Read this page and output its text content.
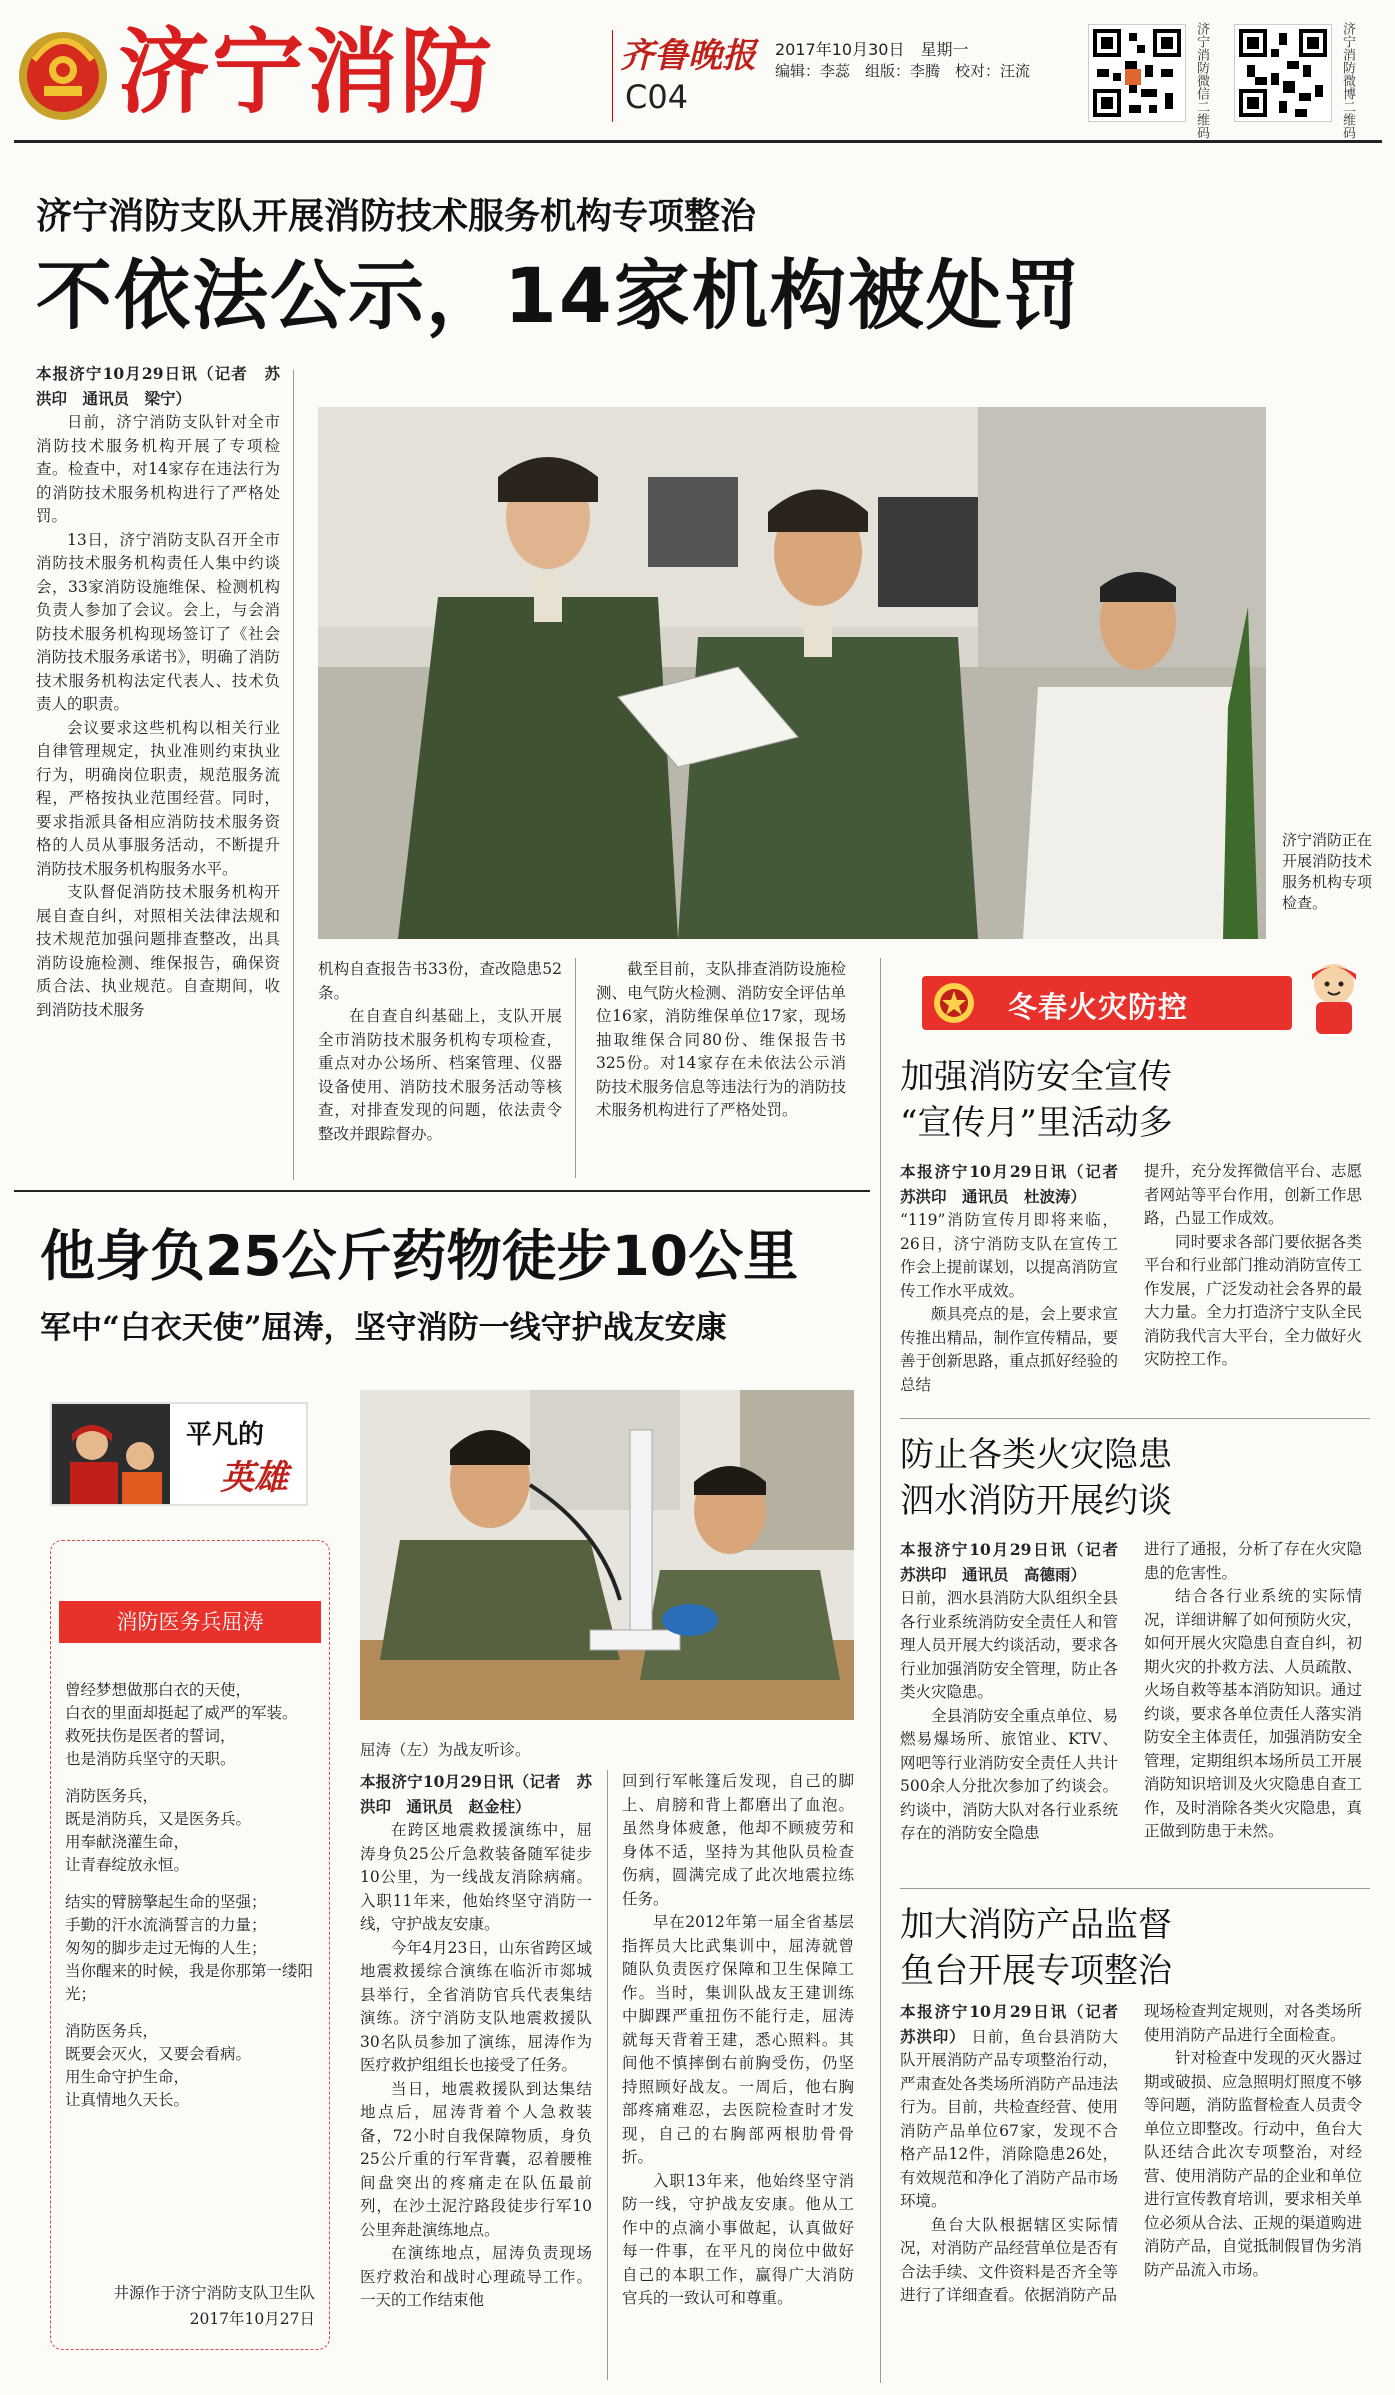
济宁消防	齐鲁晚报
C04
2017年10月30日　 星期一
编辑：李蕊　组版：李腾　校对：汪流	济宁消防微信二维码	济宁消防微博二维码
济宁消防支队开展消防技术服务机构专项整治
不依法公示，14家机构被处罚

本报济宁10月29日讯（记者　苏洪印　通讯员　梁宁）

日前，济宁消防支队针对全市消防技术服务机构开展了专项检查。检查中，对14家存在违法行为的消防技术服务机构进行了严格处罚。

13日，济宁消防支队召开全市消防技术服务机构责任人集中约谈会，33家消防设施维保、检测机构负责人参加了会议。会上，与会消防技术服务机构现场签订了《社会消防技术服务承诺书》，明确了消防技术服务机构法定代表人、技术负责人的职责。

会议要求这些机构以相关行业自律管理规定，执业准则约束执业行为，明确岗位职责，规范服务流程，严格按执业范围经营。同时，要求指派具备相应消防技术服务资格的人员从事服务活动，不断提升消防技术服务机构服务水平。

支队督促消防技术服务机构开展自查自纠，对照相关法律法规和技术规范加强问题排查整改，出具消防设施检测、维保报告，确保资质合法、执业规范。自查期间，收到消防技术服务

济宁消防正在开展消防技术服务机构专项检查。

机构自查报告书33份，查改隐患52条。

在自查自纠基础上，支队开展全市消防技术服务机构专项检查，重点对办公场所、档案管理、仪器设备使用、消防技术服务活动等核查，对排查发现的问题，依法责令整改并跟踪督办。

截至目前，支队排查消防设施检测、电气防火检测、消防安全评估单位16家，消防维保单位17家，现场抽取维保合同80份、维保报告书325份。对14家存在未依法公示消防技术服务信息等违法行为的消防技术服务机构进行了严格处罚。

冬春火灾防控
加强消防安全宣传
“宣传月”里活动多

本报济宁10月29日讯（记者　苏洪印　通讯员　杜波涛）

“119”消防宣传月即将来临，26日，济宁消防支队在宣传工作会上提前谋划，以提高消防宣传工作水平成效。

颇具亮点的是，会上要求宣传推出精品，制作宣传精品，要善于创新思路，重点抓好经验的总结

提升，充分发挥微信平台、志愿者网站等平台作用，创新工作思路，凸显工作成效。

同时要求各部门要依据各类平台和行业部门推动消防宣传工作发展，广泛发动社会各界的最大力量。全力打造济宁支队全民消防我代言大平台，全力做好火灾防控工作。

防止各类火灾隐患
泗水消防开展约谈

本报济宁10月29日讯（记者　苏洪印　通讯员　高德雨）

日前，泗水县消防大队组织全县各行业系统消防安全责任人和管理人员开展大约谈活动，要求各行业加强消防安全管理，防止各类火灾隐患。

全县消防安全重点单位、易燃易爆场所、旅馆业、KTV、网吧等行业消防安全责任人共计500余人分批次参加了约谈会。约谈中，消防大队对各行业系统存在的消防安全隐患

进行了通报，分析了存在火灾隐患的危害性。

结合各行业系统的实际情况，详细讲解了如何预防火灾，如何开展火灾隐患自查自纠，初期火灾的扑救方法、人员疏散、火场自救等基本消防知识。通过约谈，要求各单位责任人落实消防安全主体责任，加强消防安全管理，定期组织本场所员工开展消防知识培训及火灾隐患自查工作，及时消除各类火灾隐患，真正做到防患于未然。

加大消防产品监督
鱼台开展专项整治

本报济宁10月29日讯（记者　苏洪印） 日前，鱼台县消防大队开展消防产品专项整治行动，严肃查处各类场所消防产品违法行为。目前，共检查经营、使用消防产品单位67家，发现不合格产品12件，消除隐患26处，有效规范和净化了消防产品市场环境。

鱼台大队根据辖区实际情况，对消防产品经营单位是否有合法手续、文件资料是否齐全等进行了详细查看。依据消防产品

现场检查判定规则，对各类场所使用消防产品进行全面检查。

针对检查中发现的灭火器过期或破损、应急照明灯照度不够等问题，消防监督检查人员责令单位立即整改。行动中，鱼台大队还结合此次专项整治，对经营、使用消防产品的企业和单位进行宣传教育培训，要求相关单位必须从合法、正规的渠道购进消防产品，自觉抵制假冒伪劣消防产品流入市场。

他身负25公斤药物徒步10公里
军中“白衣天使”屈涛，坚守消防一线守护战友安康
平凡的
英雄
消防医务兵屈涛

曾经梦想做那白衣的天使，

白衣的里面却挺起了威严的军装。

救死扶伤是医者的誓词，

也是消防兵坚守的天职。

消防医务兵，

既是消防兵，又是医务兵。

用奉献浇灌生命，

让青春绽放永恒。

结实的臂膀擎起生命的坚强；

手勤的汗水流淌誓言的力量；

匆匆的脚步走过无悔的人生；

当你醒来的时候，我是你那第一缕阳光；

消防医务兵，

既要会灭火，又要会看病。

用生命守护生命，

让真情地久天长。

井源作于济宁消防支队卫生队
2017年10月27日
屈涛（左）为战友听诊。

本报济宁10月29日讯（记者　苏洪印　通讯员　赵金柱）

在跨区地震救援演练中，屈涛身负25公斤急救装备随军徒步10公里，为一线战友消除病痛。入职11年来，他始终坚守消防一线，守护战友安康。

今年4月23日，山东省跨区域地震救援综合演练在临沂市郯城县举行，全省消防官兵代表集结演练。济宁消防支队地震救援队30名队员参加了演练，屈涛作为医疗救护组组长也接受了任务。

当日，地震救援队到达集结地点后，屈涛背着个人急救装备，72小时自我保障物质，身负25公斤重的行军背囊，忍着腰椎间盘突出的疼痛走在队伍最前列，在沙土泥泞路段徒步行军10公里奔赴演练地点。

在演练地点，屈涛负责现场医疗救治和战时心理疏导工作。一天的工作结束他

回到行军帐篷后发现，自己的脚上、肩膀和背上都磨出了血泡。虽然身体疲惫，他却不顾疲劳和身体不适，坚持为其他队员检查伤病，圆满完成了此次地震拉练任务。

早在2012年第一届全省基层指挥员大比武集训中，屈涛就曾随队负责医疗保障和卫生保障工作。当时，集训队战友王建训练中脚踝严重扭伤不能行走，屈涛就每天背着王建，悉心照料。其间他不慎摔倒右前胸受伤，仍坚持照顾好战友。一周后，他右胸部疼痛难忍，去医院检查时才发现，自己的右胸部两根肋骨骨折。

入职13年来，他始终坚守消防一线，守护战友安康。他从工作中的点滴小事做起，认真做好每一件事，在平凡的岗位中做好自己的本职工作，赢得广大消防官兵的一致认可和尊重。
